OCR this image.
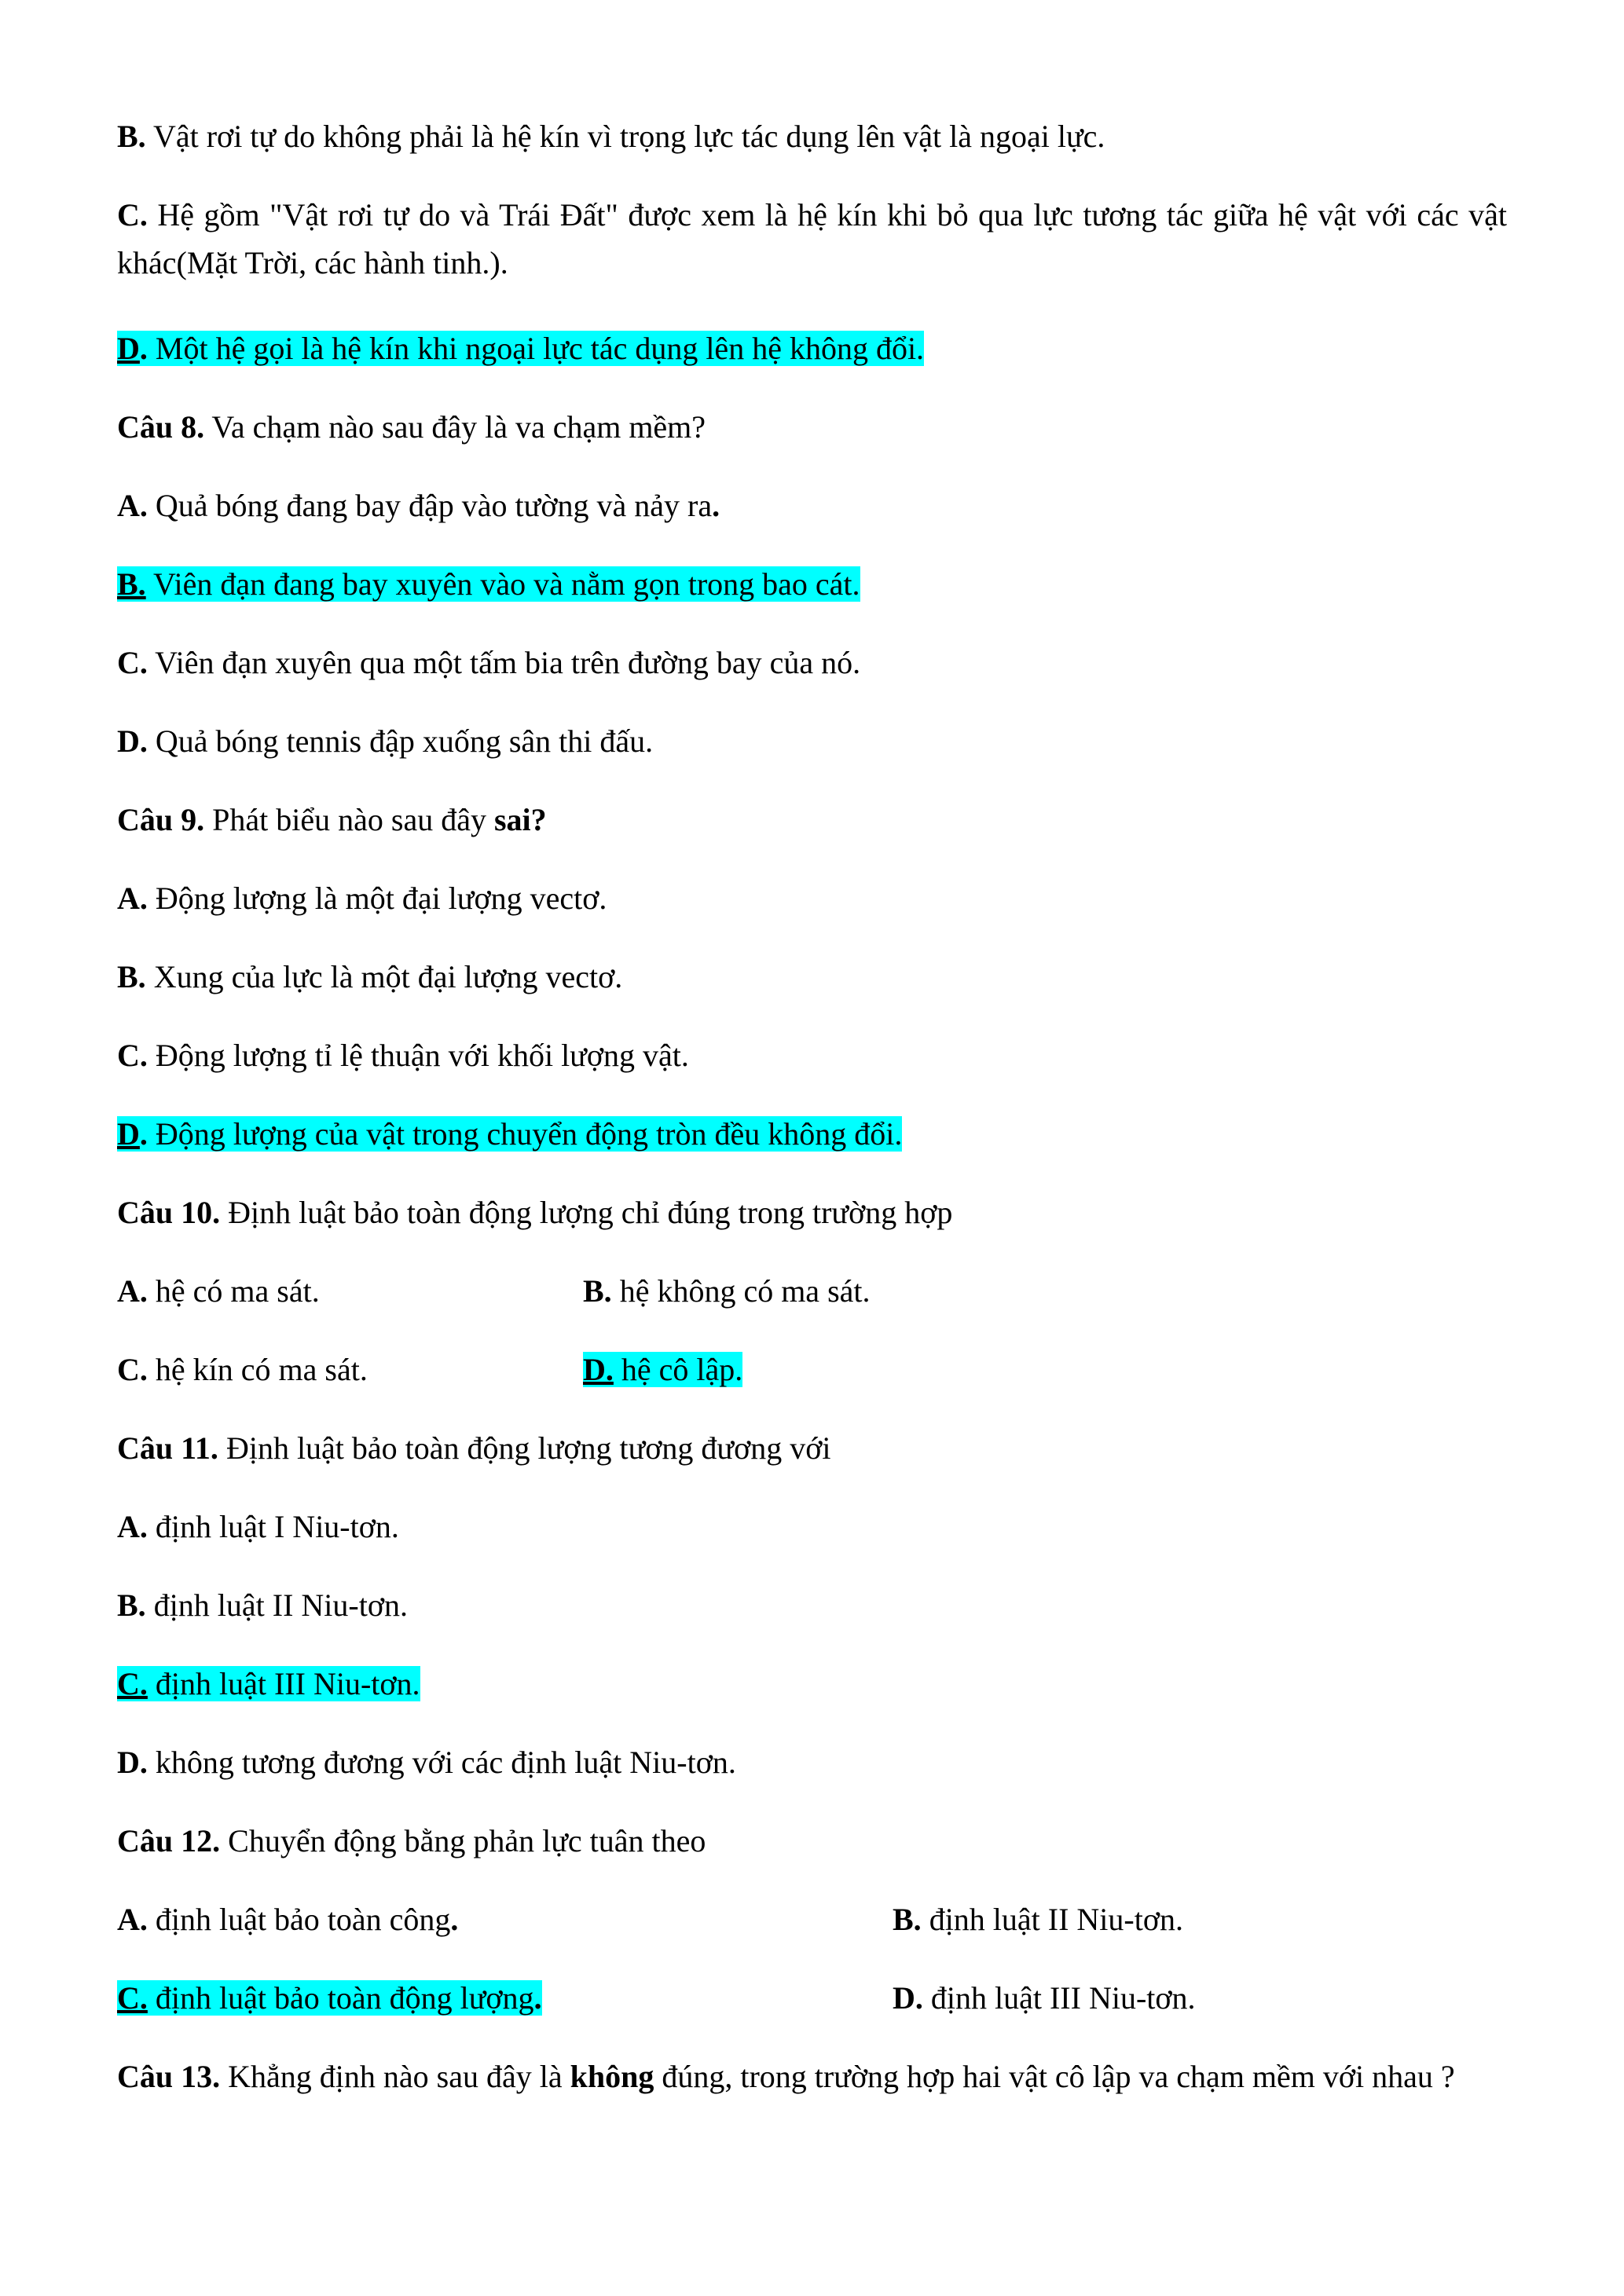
B. Vật rơi tự do không phải là hệ kín vì trọng lực tác dụng lên vật là ngoại lực.
C. Hệ gồm "Vật rơi tự do và Trái Đất" được xem là hệ kín khi bỏ qua lực tương tác giữa hệ vật với các vật khác(Mặt Trời, các hành tinh.).
D. Một hệ gọi là hệ kín khi ngoại lực tác dụng lên hệ không đổi.
Câu 8. Va chạm nào sau đây là va chạm mềm?
A. Quả bóng đang bay đập vào tường và nảy ra.
B. Viên đạn đang bay xuyên vào và nằm gọn trong bao cát.
C. Viên đạn xuyên qua một tấm bia trên đường bay của nó.
D. Quả bóng tennis đập xuống sân thi đấu.
Câu 9. Phát biểu nào sau đây sai?
A. Động lượng là một đại lượng vectơ.
B. Xung của lực là một đại lượng vectơ.
C. Động lượng tỉ lệ thuận với khối lượng vật.
D. Động lượng của vật trong chuyển động tròn đều không đổi.
Câu 10. Định luật bảo toàn động lượng chỉ đúng trong trường hợp
A. hệ có ma sát.	B. hệ không có ma sát.
C. hệ kín có ma sát.	D. hệ cô lập.
Câu 11. Định luật bảo toàn động lượng tương đương với
A. định luật I Niu-tơn.
B. định luật II Niu-tơn.
C. định luật III Niu-tơn.
D. không tương đương với các định luật Niu-tơn.
Câu 12. Chuyển động bằng phản lực tuân theo
A. định luật bảo toàn công.	B. định luật II Niu-tơn.
C. định luật bảo toàn động lượng.	D. định luật III Niu-tơn.
Câu 13. Khẳng định nào sau đây là không đúng, trong trường hợp hai vật cô lập va chạm mềm với nhau ?
